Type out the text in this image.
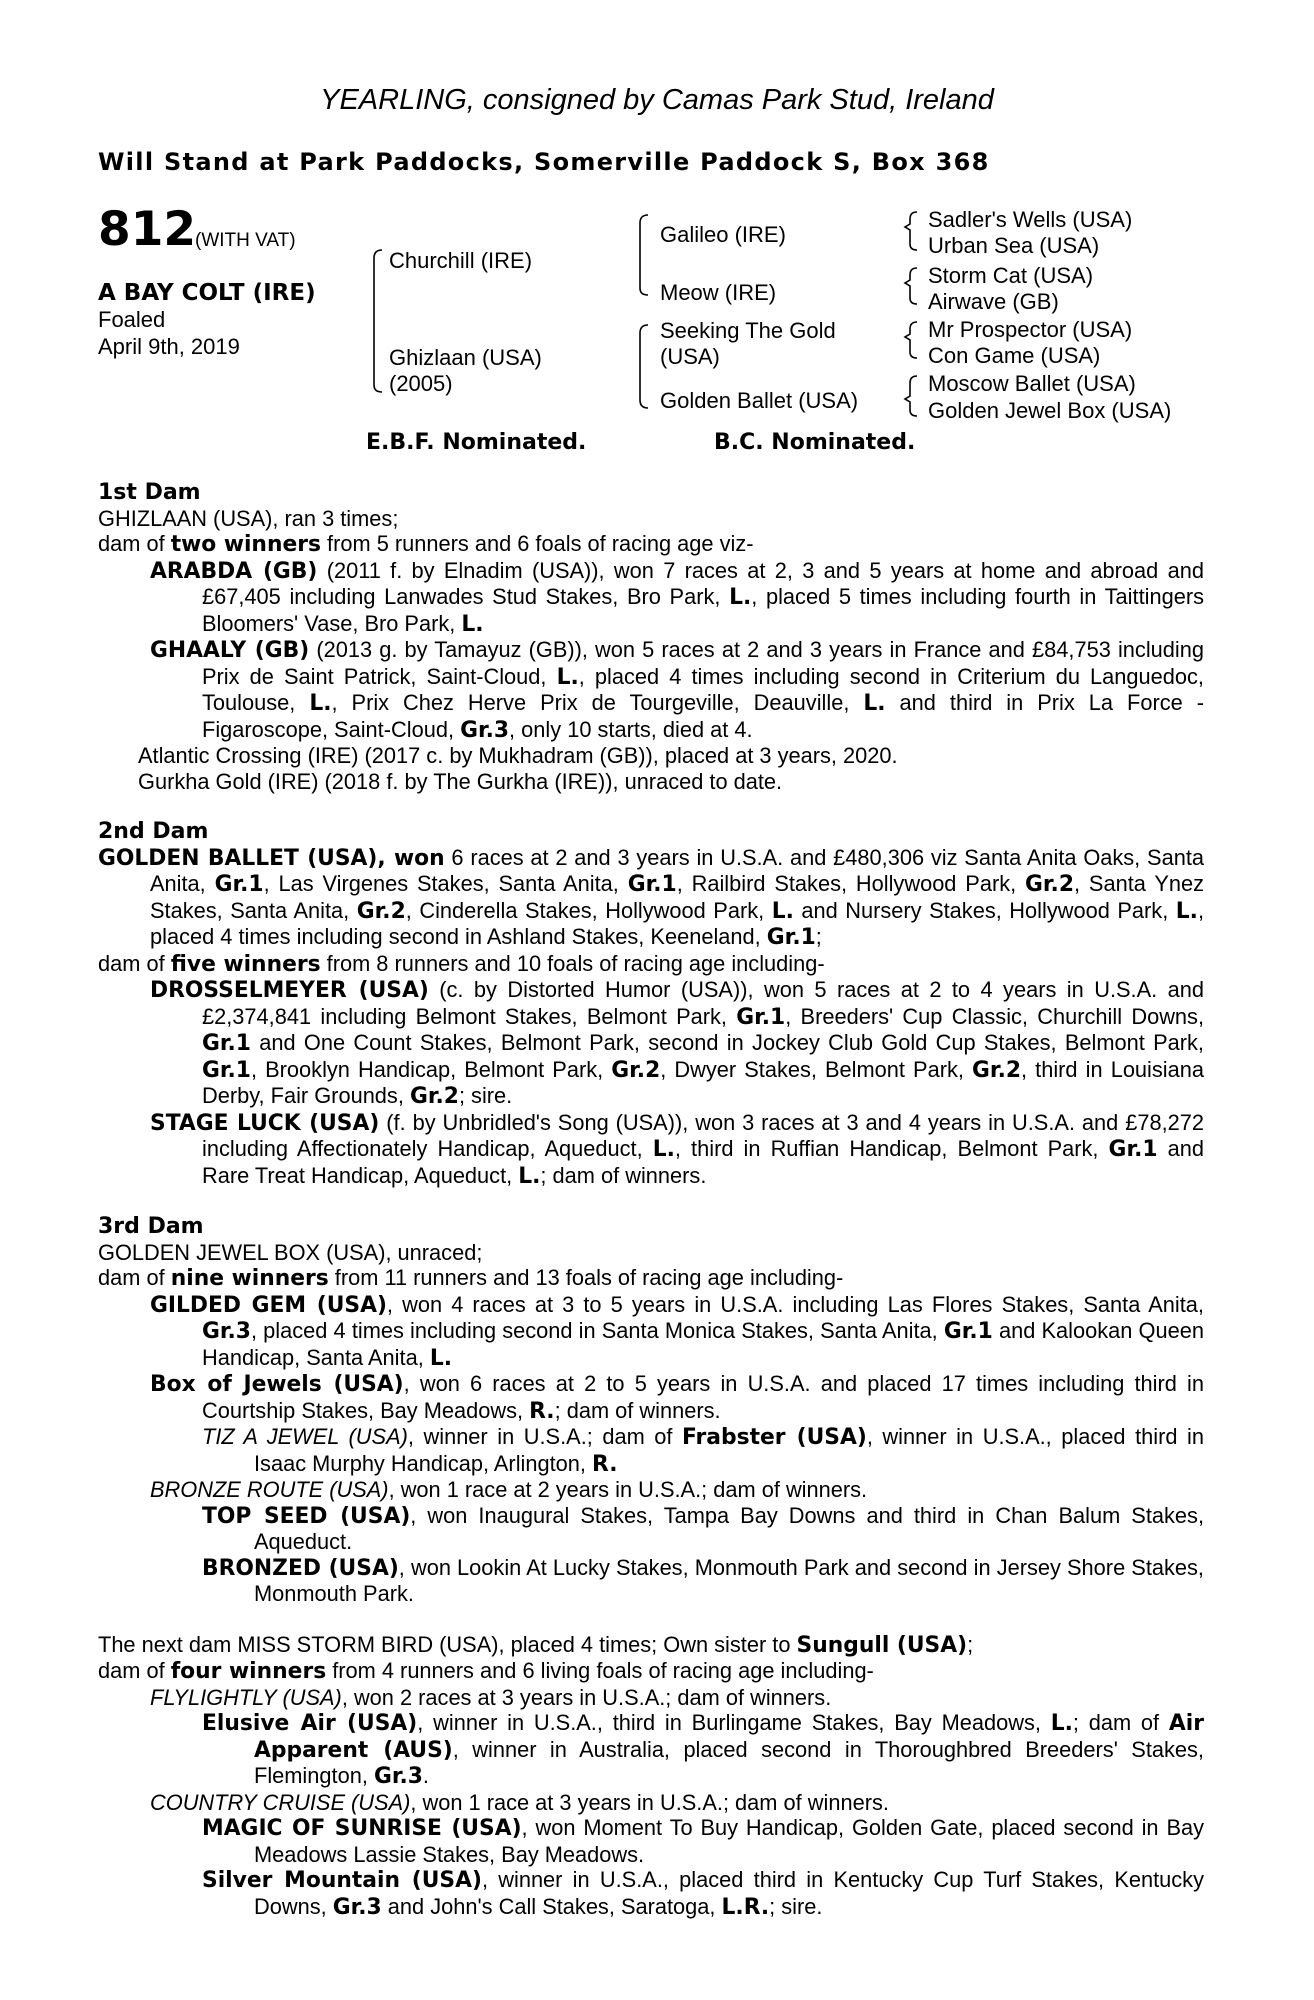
YEARLING, consigned by Camas Park Stud, Ireland
Will Stand at Park Paddocks, Somerville Paddock S, Box 368
812
(WITH VAT)
A BAY COLT (IRE)
Foaled
April 9th, 2019
Churchill (IRE)
Ghizlaan (USA)
(2005)
Galileo (IRE)
Meow (IRE)
Seeking The Gold
(USA)
Golden Ballet (USA)
Sadler's Wells (USA)
Urban Sea (USA)
Storm Cat (USA)
Airwave (GB)
Mr Prospector (USA)
Con Game (USA)
Moscow Ballet (USA)
Golden Jewel Box (USA)
E.B.F. Nominated.	B.C. Nominated.
1st Dam
GHIZLAAN (USA), ran 3 times;
dam of two winners from 5 runners and 6 foals of racing age viz-
ARABDA (GB) (2011 f. by Elnadim (USA)), won 7 races at 2, 3 and 5 years at home and abroad and £67,405 including Lanwades Stud Stakes, Bro Park, L., placed 5 times including fourth in Taittingers Bloomers' Vase, Bro Park, L.
GHAALY (GB) (2013 g. by Tamayuz (GB)), won 5 races at 2 and 3 years in France and £84,753 including Prix de Saint Patrick, Saint-Cloud, L., placed 4 times including second in Criterium du Languedoc, Toulouse, L., Prix Chez Herve Prix de Tourgeville, Deauville, L. and third in Prix La Force - Figaroscope, Saint-Cloud, Gr.3, only 10 starts, died at 4.
Atlantic Crossing (IRE) (2017 c. by Mukhadram (GB)), placed at 3 years, 2020.
Gurkha Gold (IRE) (2018 f. by The Gurkha (IRE)), unraced to date.
2nd Dam
GOLDEN BALLET (USA), won 6 races at 2 and 3 years in U.S.A. and £480,306 viz Santa Anita Oaks, Santa Anita, Gr.1, Las Virgenes Stakes, Santa Anita, Gr.1, Railbird Stakes, Hollywood Park, Gr.2, Santa Ynez Stakes, Santa Anita, Gr.2, Cinderella Stakes, Hollywood Park, L. and Nursery Stakes, Hollywood Park, L., placed 4 times including second in Ashland Stakes, Keeneland, Gr.1;
dam of five winners from 8 runners and 10 foals of racing age including-
DROSSELMEYER (USA) (c. by Distorted Humor (USA)), won 5 races at 2 to 4 years in U.S.A. and £2,374,841 including Belmont Stakes, Belmont Park, Gr.1, Breeders' Cup Classic, Churchill Downs, Gr.1 and One Count Stakes, Belmont Park, second in Jockey Club Gold Cup Stakes, Belmont Park, Gr.1, Brooklyn Handicap, Belmont Park, Gr.2, Dwyer Stakes, Belmont Park, Gr.2, third in Louisiana Derby, Fair Grounds, Gr.2; sire.
STAGE LUCK (USA) (f. by Unbridled's Song (USA)), won 3 races at 3 and 4 years in U.S.A. and £78,272 including Affectionately Handicap, Aqueduct, L., third in Ruffian Handicap, Belmont Park, Gr.1 and Rare Treat Handicap, Aqueduct, L.; dam of winners.
3rd Dam
GOLDEN JEWEL BOX (USA), unraced;
dam of nine winners from 11 runners and 13 foals of racing age including-
GILDED GEM (USA), won 4 races at 3 to 5 years in U.S.A. including Las Flores Stakes, Santa Anita, Gr.3, placed 4 times including second in Santa Monica Stakes, Santa Anita, Gr.1 and Kalookan Queen Handicap, Santa Anita, L.
Box of Jewels (USA), won 6 races at 2 to 5 years in U.S.A. and placed 17 times including third in Courtship Stakes, Bay Meadows, R.; dam of winners.
TIZ A JEWEL (USA), winner in U.S.A.; dam of Frabster (USA), winner in U.S.A., placed third in Isaac Murphy Handicap, Arlington, R.
BRONZE ROUTE (USA), won 1 race at 2 years in U.S.A.; dam of winners.
TOP SEED (USA), won Inaugural Stakes, Tampa Bay Downs and third in Chan Balum Stakes, Aqueduct.
BRONZED (USA), won Lookin At Lucky Stakes, Monmouth Park and second in Jersey Shore Stakes, Monmouth Park.
The next dam MISS STORM BIRD (USA), placed 4 times; Own sister to Sungull (USA);
dam of four winners from 4 runners and 6 living foals of racing age including-
FLYLIGHTLY (USA), won 2 races at 3 years in U.S.A.; dam of winners.
Elusive Air (USA), winner in U.S.A., third in Burlingame Stakes, Bay Meadows, L.; dam of Air Apparent (AUS), winner in Australia, placed second in Thoroughbred Breeders' Stakes, Flemington, Gr.3.
COUNTRY CRUISE (USA), won 1 race at 3 years in U.S.A.; dam of winners.
MAGIC OF SUNRISE (USA), won Moment To Buy Handicap, Golden Gate, placed second in Bay Meadows Lassie Stakes, Bay Meadows.
Silver Mountain (USA), winner in U.S.A., placed third in Kentucky Cup Turf Stakes, Kentucky Downs, Gr.3 and John's Call Stakes, Saratoga, L.R.; sire.
